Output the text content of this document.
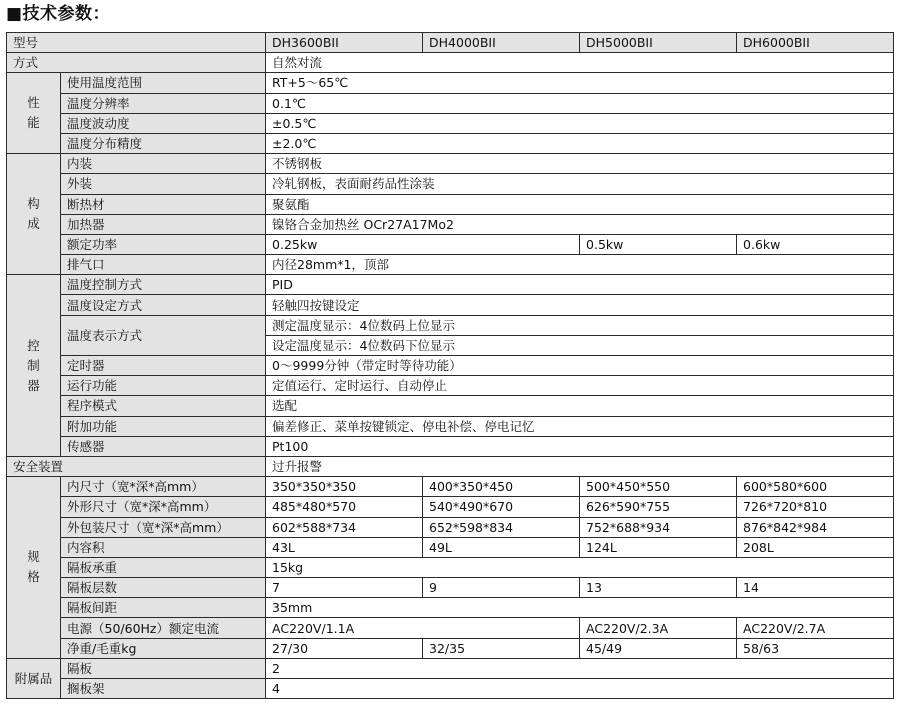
■技术参数：
型号		DH3600BII	DH4000BII	DH5000BII	DH6000BII
方式		自然对流			
性能	使用温度范围	RT+5～65℃			
	温度分辨率	0.1℃			
	温度波动度	±0.5℃			
	温度分布精度	±2.0℃			
构成	内装	不锈钢板			
	外装	冷轧钢板，表面耐药品性涂装			
	断热材	聚氨酯			
	加热器	镍铬合金加热丝 OCr27A17Mo2			
	额定功率	0.25kw		0.5kw	0.6kw
	排气口	内径28mm*1，顶部			
控制器	温度控制方式	PID			
	温度设定方式	轻触四按键设定			
	温度表示方式	测定温度显示：4位数码上位显示			
		设定温度显示：4位数码下位显示			
	定时器	0～9999分钟（带定时等待功能）			
	运行功能	定值运行、定时运行、自动停止			
	程序模式	选配			
	附加功能	偏差修正、菜单按键锁定、停电补偿、停电记忆			
	传感器	Pt100			
安全装置		过升报警			
规格	内尺寸（宽*深*高mm）	350*350*350	400*350*450	500*450*550	600*580*600
	外形尺寸（宽*深*高mm）	485*480*570	540*490*670	626*590*755	726*720*810
	外包装尺寸（宽*深*高mm）	602*588*734	652*598*834	752*688*934	876*842*984
	内容积	43L	49L	124L	208L
	隔板承重	15kg			
	隔板层数	7	9	13	14
	隔板间距	35mm			
	电源（50/60Hz）额定电流	AC220V/1.1A		AC220V/2.3A	AC220V/2.7A
	净重/毛重kg	27/30	32/35	45/49	58/63
附属品	隔板	2			
	搁板架	4			
